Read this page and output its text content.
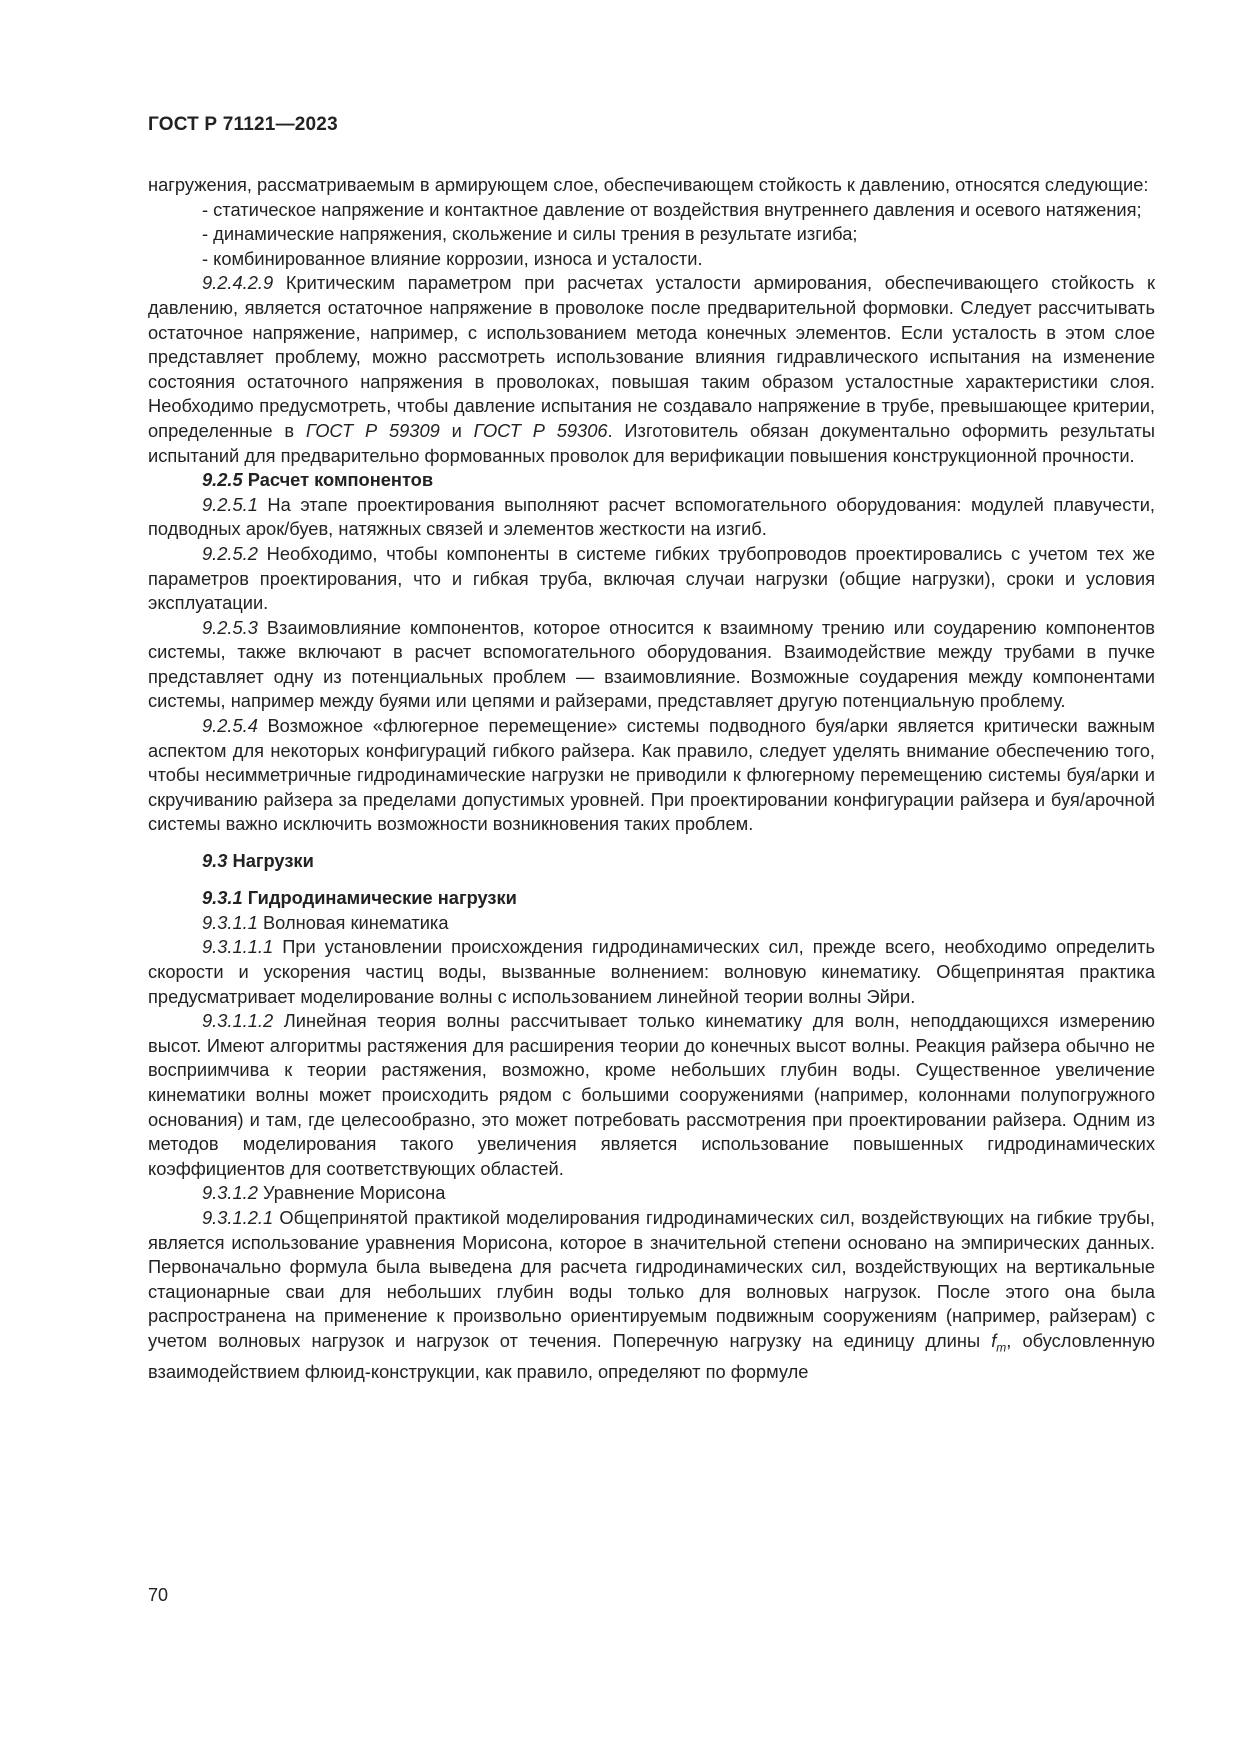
ГОСТ Р 71121—2023

нагружения, рассматриваемым в армирующем слое, обеспечивающем стойкость к давлению, относятся следующие:

- статическое напряжение и контактное давление от воздействия внутреннего давления и осевого натяжения;

- динамические напряжения, скольжение и силы трения в результате изгиба;

- комбинированное влияние коррозии, износа и усталости.

9.2.4.2.9 Критическим параметром при расчетах усталости армирования, обеспечивающего стойкость к давлению, является остаточное напряжение в проволоке после предварительной формовки. Следует рассчитывать остаточное напряжение, например, с использованием метода конечных элементов. Если усталость в этом слое представляет проблему, можно рассмотреть использование влияния гидравлического испытания на изменение состояния остаточного напряжения в проволоках, повышая таким образом усталостные характеристики слоя. Необходимо предусмотреть, чтобы давление испытания не создавало напряжение в трубе, превышающее критерии, определенные в ГОСТ Р 59309 и ГОСТ Р 59306. Изготовитель обязан документально оформить результаты испытаний для предварительно формованных проволок для верификации повышения конструкционной прочности.

9.2.5 Расчет компонентов

9.2.5.1 На этапе проектирования выполняют расчет вспомогательного оборудования: модулей плавучести, подводных арок/буев, натяжных связей и элементов жесткости на изгиб.

9.2.5.2 Необходимо, чтобы компоненты в системе гибких трубопроводов проектировались с учетом тех же параметров проектирования, что и гибкая труба, включая случаи нагрузки (общие нагрузки), сроки и условия эксплуатации.

9.2.5.3 Взаимовлияние компонентов, которое относится к взаимному трению или соударению компонентов системы, также включают в расчет вспомогательного оборудования. Взаимодействие между трубами в пучке представляет одну из потенциальных проблем — взаимовлияние. Возможные соударения между компонентами системы, например между буями или цепями и райзерами, представляет другую потенциальную проблему.

9.2.5.4 Возможное «флюгерное перемещение» системы подводного буя/арки является критически важным аспектом для некоторых конфигураций гибкого райзера. Как правило, следует уделять внимание обеспечению того, чтобы несимметричные гидродинамические нагрузки не приводили к флюгерному перемещению системы буя/арки и скручиванию райзера за пределами допустимых уровней. При проектировании конфигурации райзера и буя/арочной системы важно исключить возможности возникновения таких проблем.

9.3 Нагрузки

9.3.1 Гидродинамические нагрузки

9.3.1.1 Волновая кинематика

9.3.1.1.1 При установлении происхождения гидродинамических сил, прежде всего, необходимо определить скорости и ускорения частиц воды, вызванные волнением: волновую кинематику. Общепринятая практика предусматривает моделирование волны с использованием линейной теории волны Эйри.

9.3.1.1.2 Линейная теория волны рассчитывает только кинематику для волн, неподдающихся измерению высот. Имеют алгоритмы растяжения для расширения теории до конечных высот волны. Реакция райзера обычно не восприимчива к теории растяжения, возможно, кроме небольших глубин воды. Существенное увеличение кинематики волны может происходить рядом с большими сооружениями (например, колоннами полупогружного основания) и там, где целесообразно, это может потребовать рассмотрения при проектировании райзера. Одним из методов моделирования такого увеличения является использование повышенных гидродинамических коэффициентов для соответствующих областей.

9.3.1.2 Уравнение Морисона

9.3.1.2.1 Общепринятой практикой моделирования гидродинамических сил, воздействующих на гибкие трубы, является использование уравнения Морисона, которое в значительной степени основано на эмпирических данных. Первоначально формула была выведена для расчета гидродинамических сил, воздействующих на вертикальные стационарные сваи для небольших глубин воды только для волновых нагрузок. После этого она была распространена на применение к произвольно ориентируемым подвижным сооружениям (например, райзерам) с учетом волновых нагрузок и нагрузок от течения. Поперечную нагрузку на единицу длины $f_m$, обусловленную взаимодействием флюид-конструкции, как правило, определяют по формуле

70
